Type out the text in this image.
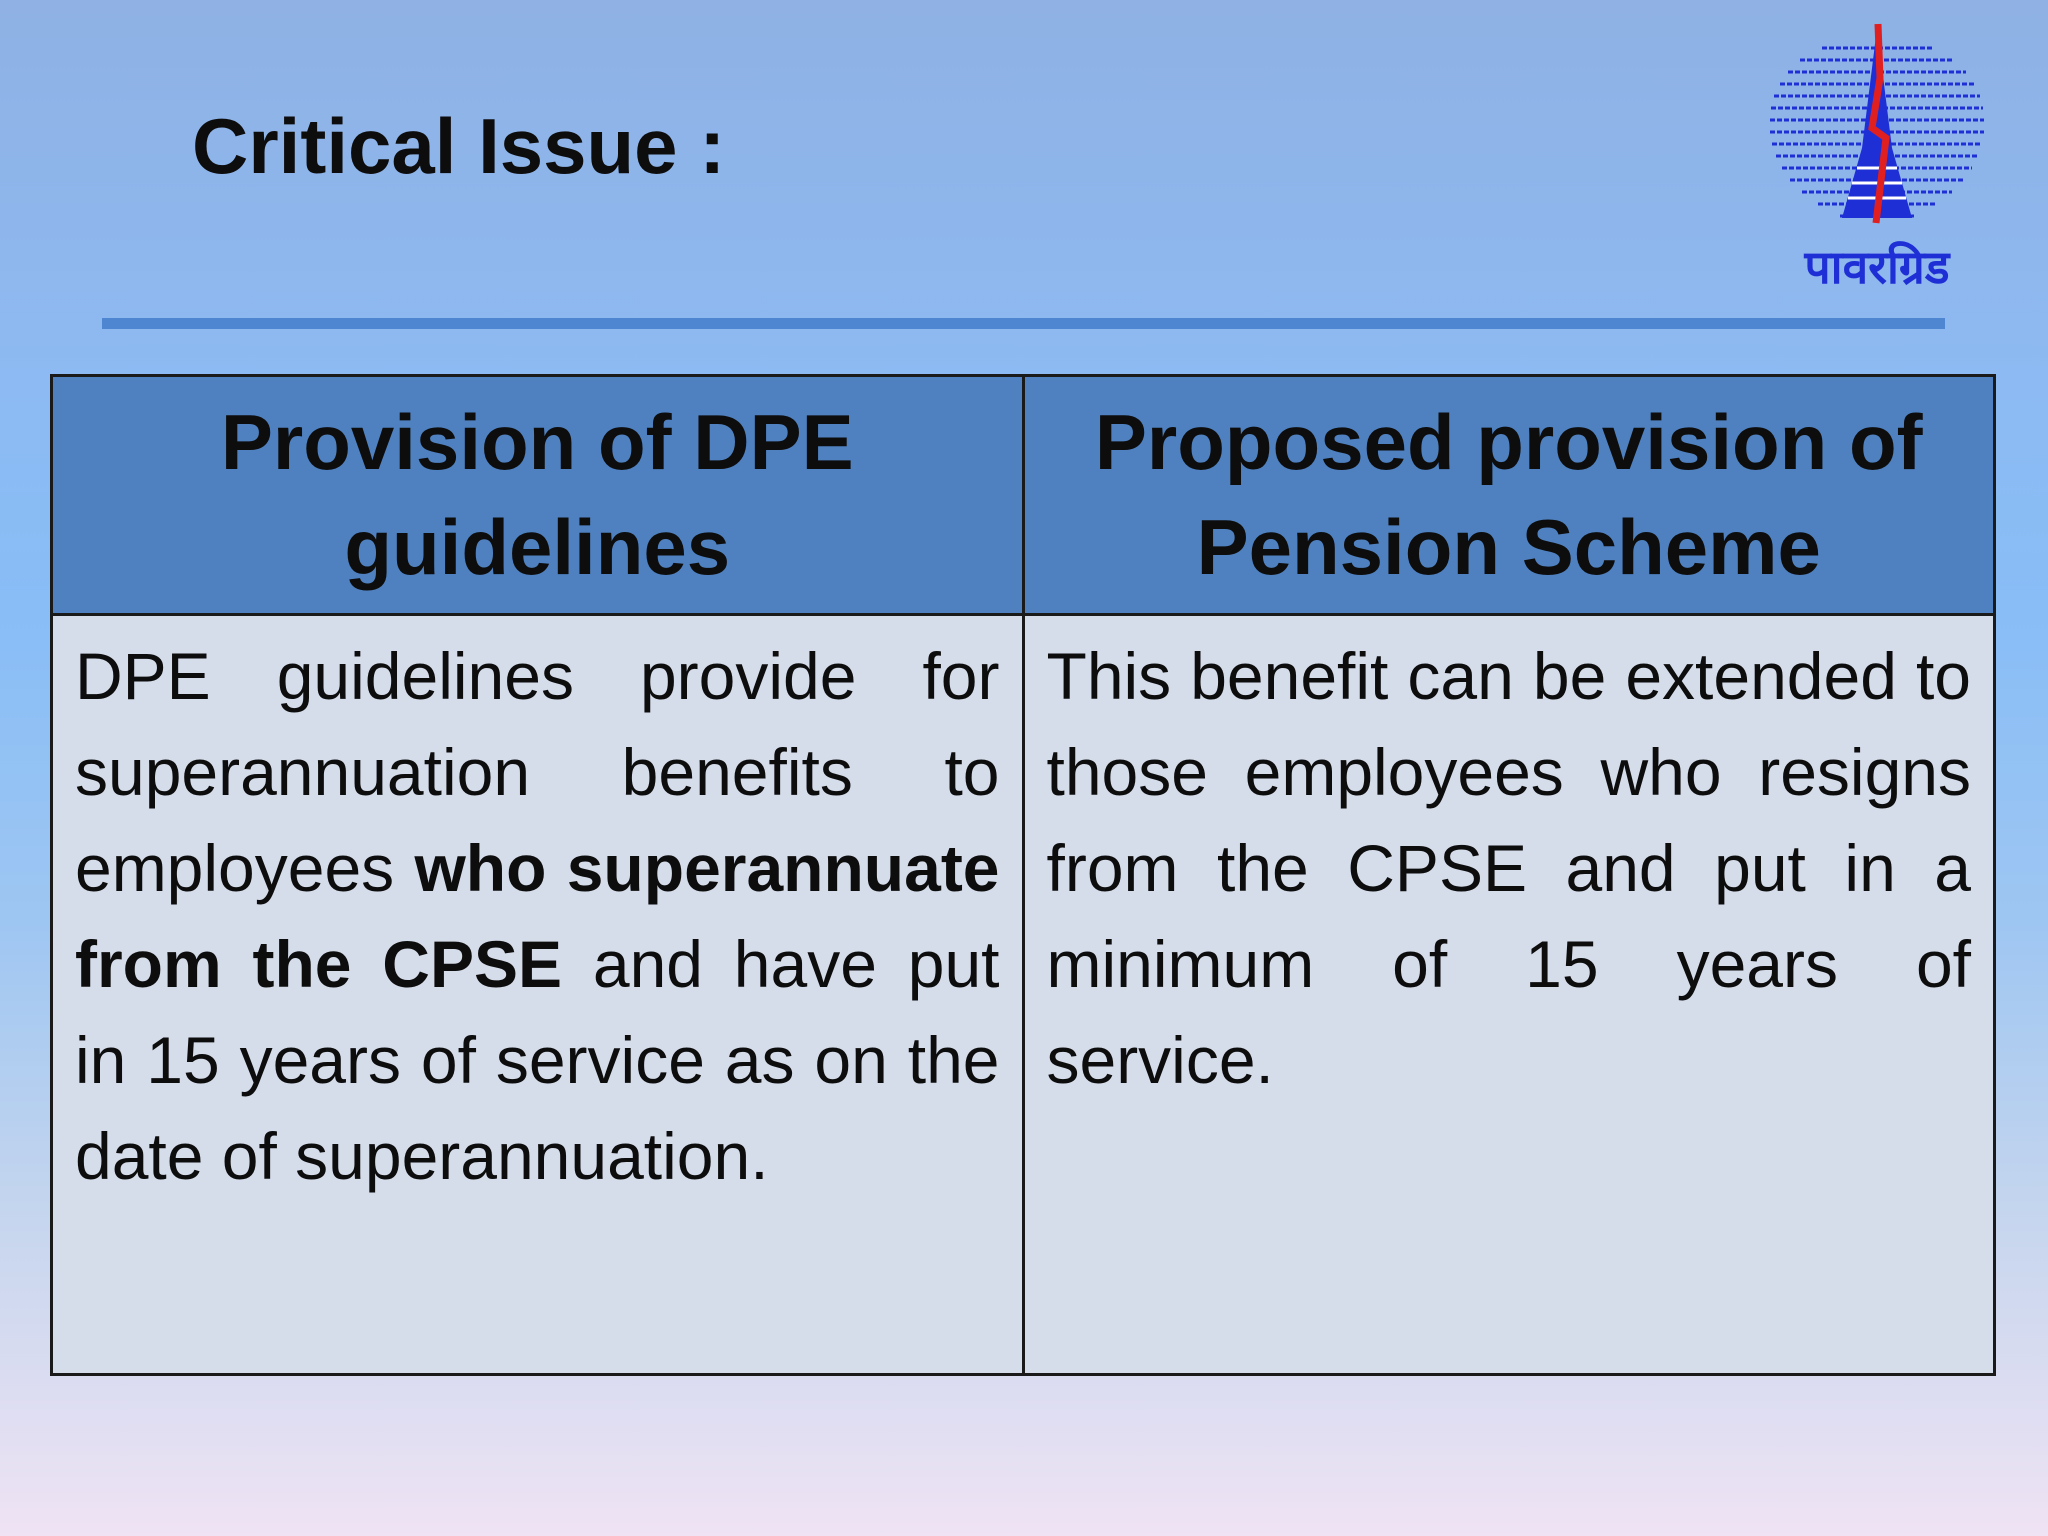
Critical Issue :
पावरग्रिड
Provision of DPE guidelines	Proposed provision of Pension Scheme
DPE guidelines provide for superannuation benefits to employees who superannuate from the CPSE and have put in 15 years of service as on the date of superannuation.	This benefit can be extended to those employees who resigns from the CPSE and put in a minimum of 15 years of service.
